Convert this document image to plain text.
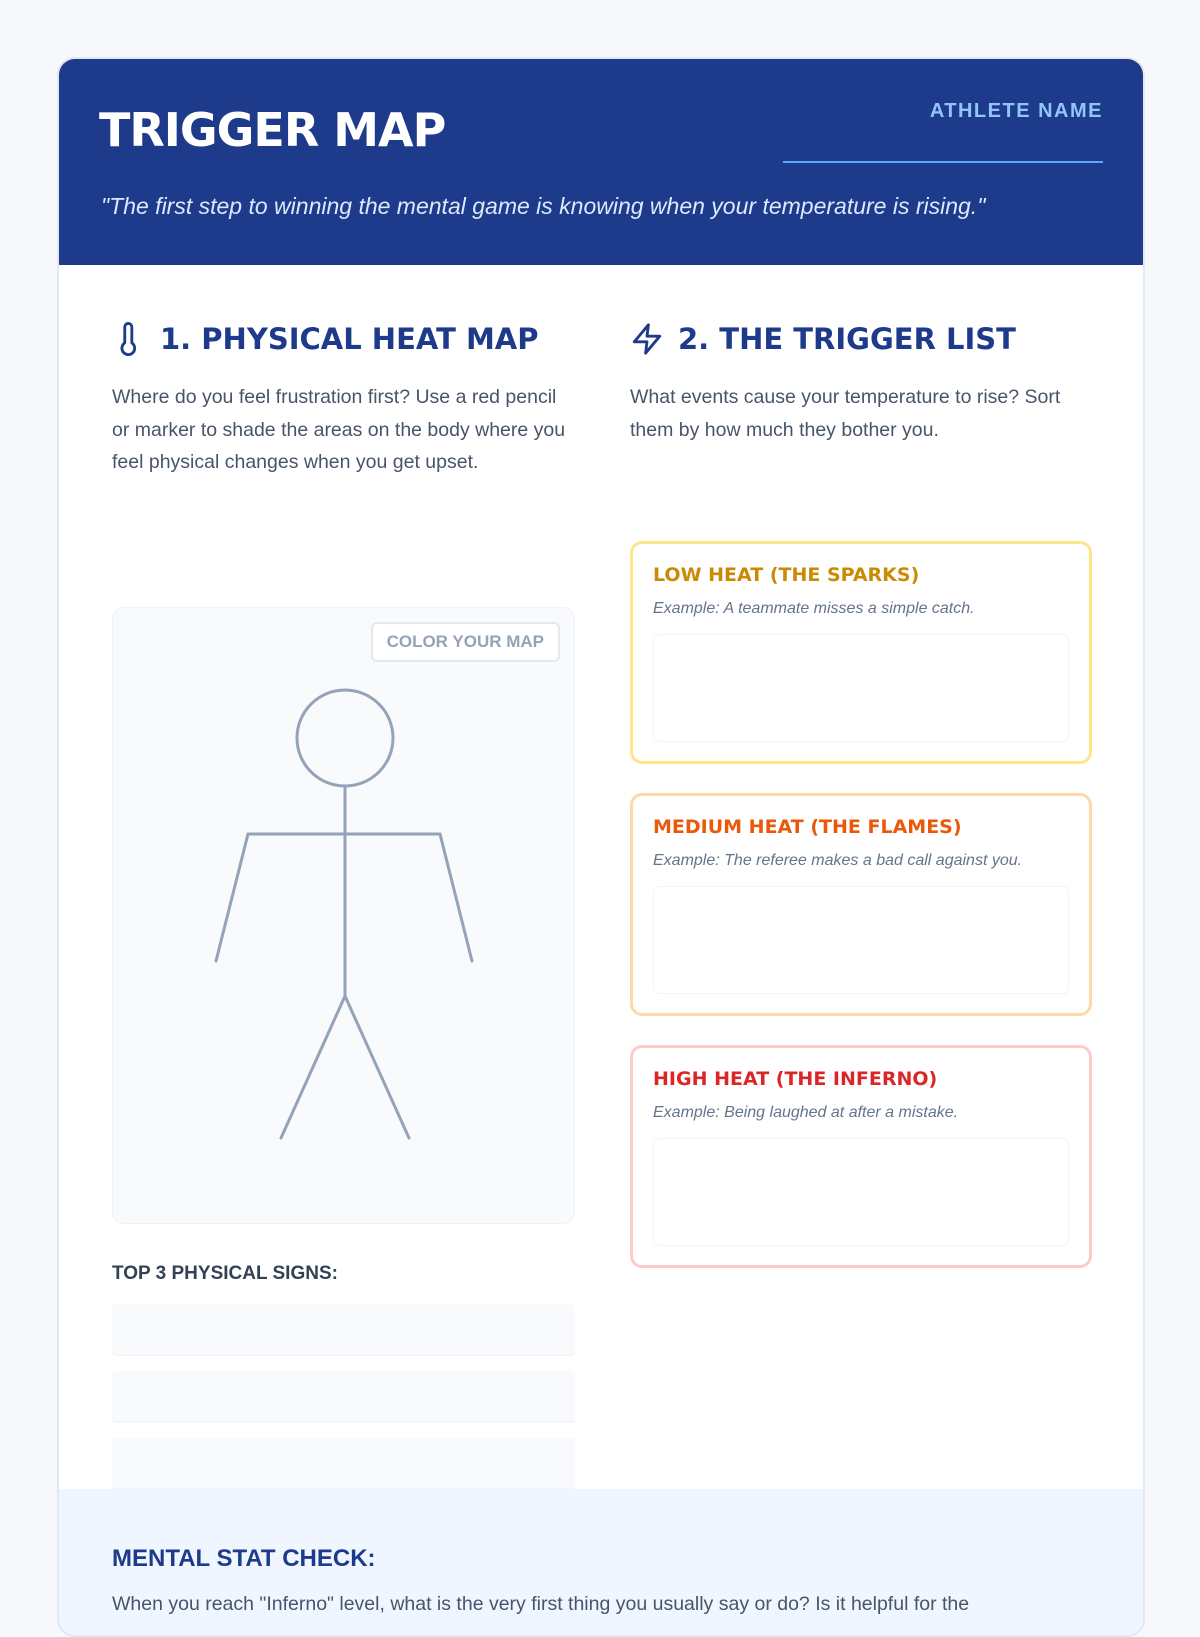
TRIGGER MAP	ATHLETE NAME
"The first step to winning the mental game is knowing when your temperature is rising."
1. PHYSICAL HEAT MAP
Where do you feel frustration first? Use a red pencil or marker to shade the areas on the body where you feel physical changes when you get upset.
COLOR YOUR MAP
TOP 3 PHYSICAL SIGNS:
2. THE TRIGGER LIST
What events cause your temperature to rise? Sort them by how much they bother you.
LOW HEAT (THE SPARKS)
Example: A teammate misses a simple catch.
MEDIUM HEAT (THE FLAMES)
Example: The referee makes a bad call against you.
HIGH HEAT (THE INFERNO)
Example: Being laughed at after a mistake.
MENTAL STAT CHECK:
When you reach "Inferno" level, what is the very first thing you usually say or do? Is it helpful for the
